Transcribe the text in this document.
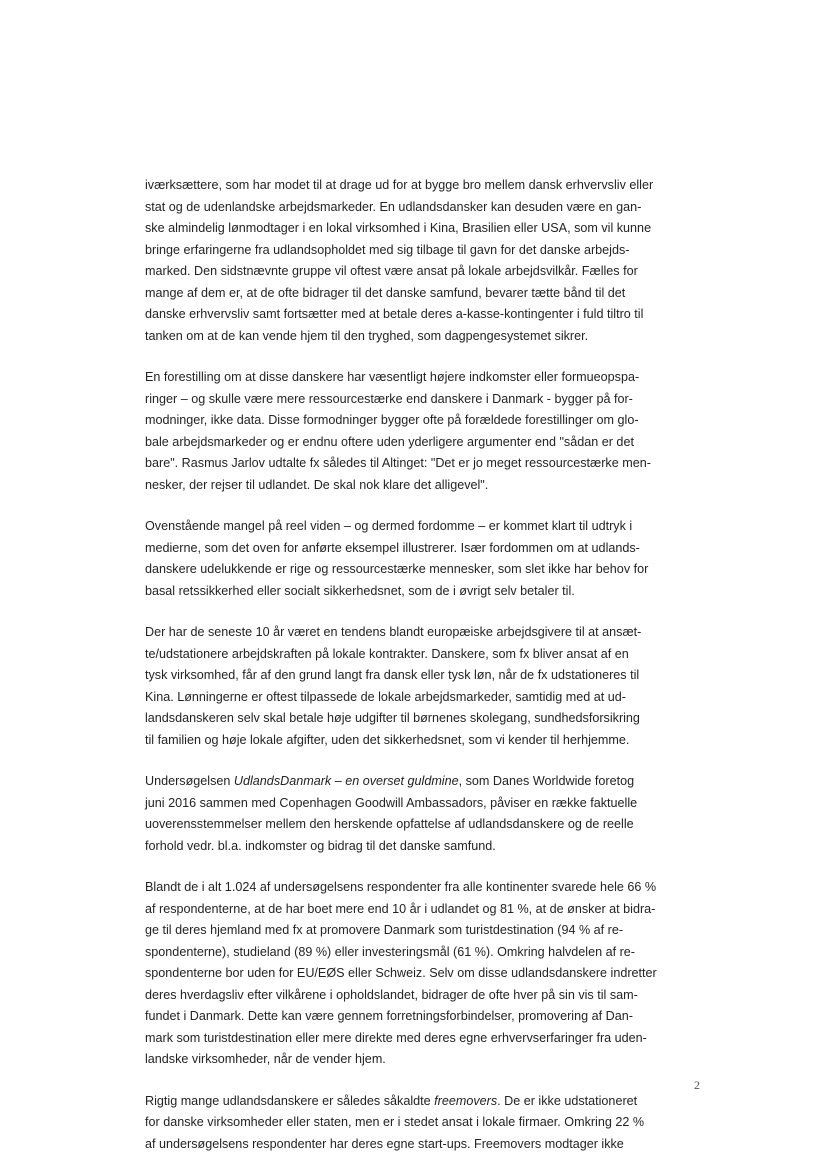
iværksættere, som har modet til at drage ud for at bygge bro mellem dansk erhvervsliv eller
stat og de udenlandske arbejdsmarkeder. En udlandsdansker kan desuden være en gan-
ske almindelig lønmodtager i en lokal virksomhed i Kina, Brasilien eller USA, som vil kunne
bringe erfaringerne fra udlandsopholdet med sig tilbage til gavn for det danske arbejds-
marked. Den sidstnævnte gruppe vil oftest være ansat på lokale arbejdsvilkår. Fælles for
mange af dem er, at de ofte bidrager til det danske samfund, bevarer tætte bånd til det
danske erhvervsliv samt fortsætter med at betale deres a-kasse-kontingenter i fuld tiltro til
tanken om at de kan vende hjem til den tryghed, som dagpengesystemet sikrer.

En forestilling om at disse danskere har væsentligt højere indkomster eller formueopspa-
ringer – og skulle være mere ressourcestærke end danskere i Danmark - bygger på for-
modninger, ikke data. Disse formodninger bygger ofte på forældede forestillinger om glo-
bale arbejdsmarkeder og er endnu oftere uden yderligere argumenter end "sådan er det
bare". Rasmus Jarlov udtalte fx således til Altinget: "Det er jo meget ressourcestærke men-
nesker, der rejser til udlandet. De skal nok klare det alligevel".

Ovenstående mangel på reel viden – og dermed fordomme – er kommet klart til udtryk i
medierne, som det oven for anførte eksempel illustrerer. Især fordommen om at udlands-
danskere udelukkende er rige og ressourcestærke mennesker, som slet ikke har behov for
basal retssikkerhed eller socialt sikkerhedsnet, som de i øvrigt selv betaler til.

Der har de seneste 10 år været en tendens blandt europæiske arbejdsgivere til at ansæt-
te/udstationere arbejdskraften på lokale kontrakter. Danskere, som fx bliver ansat af en
tysk virksomhed, får af den grund langt fra dansk eller tysk løn, når de fx udstationeres til
Kina. Lønningerne er oftest tilpassede de lokale arbejdsmarkeder, samtidig med at ud-
landsdanskeren selv skal betale høje udgifter til børnenes skolegang, sundhedsforsikring
til familien og høje lokale afgifter, uden det sikkerhedsnet, som vi kender til herhjemme.

Undersøgelsen UdlandsDanmark – en overset guldmine, som Danes Worldwide foretog
juni 2016 sammen med Copenhagen Goodwill Ambassadors, påviser en række faktuelle
uoverensstemmelser mellem den herskende opfattelse af udlandsdanskere og de reelle
forhold vedr. bl.a. indkomster og bidrag til det danske samfund.

Blandt de i alt 1.024 af undersøgelsens respondenter fra alle kontinenter svarede hele 66 %
af respondenterne, at de har boet mere end 10 år i udlandet og 81 %, at de ønsker at bidra-
ge til deres hjemland med fx at promovere Danmark som turistdestination (94 % af re-
spondenterne), studieland (89 %) eller investeringsmål (61 %). Omkring halvdelen af re-
spondenterne bor uden for EU/EØS eller Schweiz. Selv om disse udlandsdanskere indretter
deres hverdagsliv efter vilkårene i opholdslandet, bidrager de ofte hver på sin vis til sam-
fundet i Danmark. Dette kan være gennem forretningsforbindelser, promovering af Dan-
mark som turistdestination eller mere direkte med deres egne erhvervserfaringer fra uden-
landske virksomheder, når de vender hjem.

Rigtig mange udlandsdanskere er således såkaldte freemovers. De er ikke udstationeret
for danske virksomheder eller staten, men er i stedet ansat i lokale firmaer. Omkring 22 %
af undersøgelsens respondenter har deres egne start-ups. Freemovers modtager ikke

2
